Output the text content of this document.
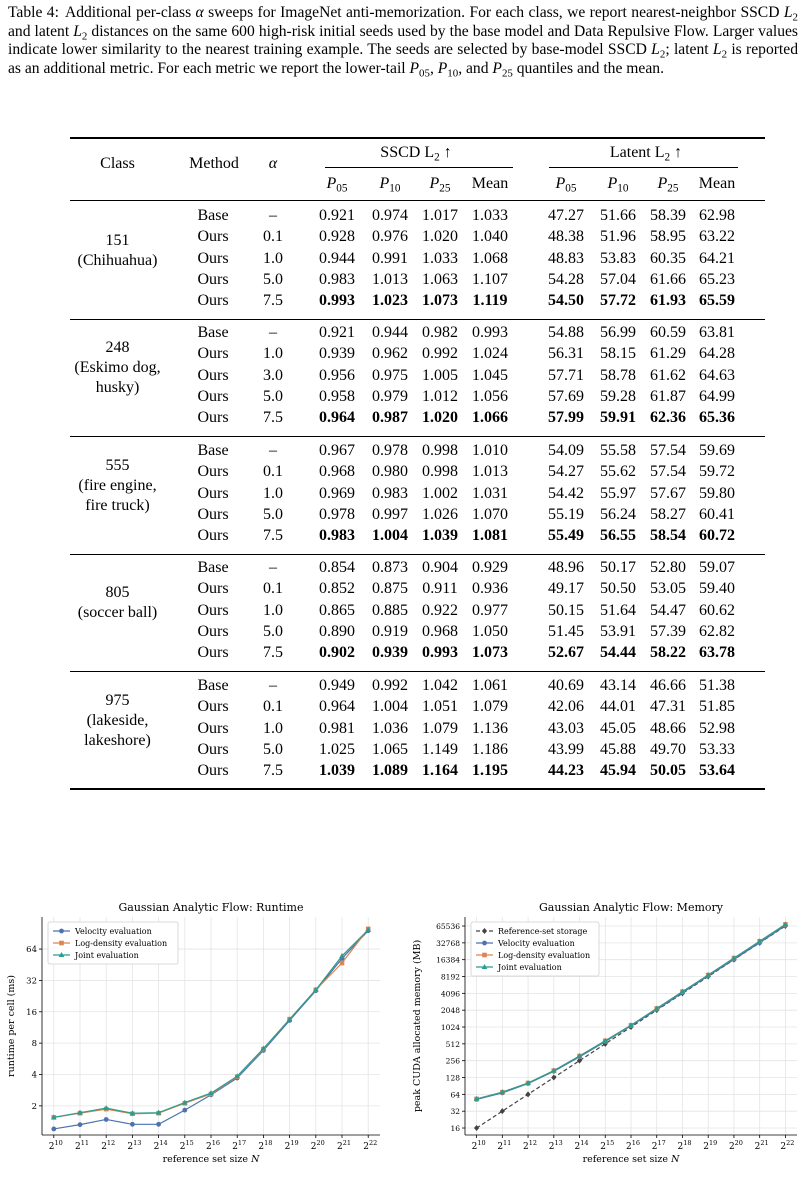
Table 4: Additional per-class α sweeps for ImageNet anti-memorization. For each class, we report nearest-neighbor SSCD $L_2$ and latent $L_2$ distances on the same 600 high-risk initial seeds used by the base model and Data Repulsive Flow. Larger values indicate lower similarity to the nearest training example. The seeds are selected by base-model SSCD $L_2$; latent $L_2$ is reported as an additional metric. For each metric we report the lower-tail $P_{05}$, $P_{10}$, and $P_{25}$ quantiles and the mean.
Class	Method	α
SSCD $L_2$ ↑	Latent $L_2$ ↑
$P_{05}$	$P_{10}$	$P_{25}$	Mean	$P_{05}$	$P_{10}$	$P_{25}$	Mean
151
(Chihuahua)
Base	–	0.921	0.974 1.017 1.033	47.27	51.66 58.39 62.98
Ours	0.1	0.928	0.976 1.020 1.040	48.38	51.96 58.95 63.22
Ours	1.0	0.944	0.991 1.033 1.068	48.83	53.83 60.35 64.21
Ours	5.0	0.983	1.013 1.063 1.107	54.28	57.04 61.66 65.23
Ours	7.5	0.993	1.023 1.073 1.119	54.50	57.72 61.93 65.59
248
(Eskimo dog,
husky)
Base	–	0.921	0.944 0.982 0.993	54.88	56.99 60.59 63.81
Ours	1.0	0.939	0.962 0.992 1.024	56.31	58.15 61.29 64.28
Ours	3.0	0.956	0.975 1.005 1.045	57.71	58.78 61.62 64.63
Ours	5.0	0.958	0.979 1.012 1.056	57.69	59.28 61.87 64.99
Ours	7.5	0.964	0.987 1.020 1.066	57.99	59.91 62.36 65.36
555
(fire engine,
fire truck)
Base	–	0.967	0.978 0.998 1.010	54.09	55.58 57.54 59.69
Ours	0.1	0.968	0.980 0.998 1.013	54.27	55.62 57.54 59.72
Ours	1.0	0.969	0.983 1.002 1.031	54.42	55.97 57.67 59.80
Ours	5.0	0.978	0.997 1.026 1.070	55.19	56.24 58.27 60.41
Ours	7.5	0.983	1.004 1.039 1.081	55.49	56.55 58.54 60.72
805
(soccer ball)
Base	–	0.854	0.873 0.904 0.929	48.96	50.17 52.80 59.07
Ours	0.1	0.852	0.875 0.911 0.936	49.17	50.50 53.05 59.40
Ours	1.0	0.865	0.885 0.922 0.977	50.15	51.64 54.47 60.62
Ours	5.0	0.890	0.919 0.968 1.050	51.45	53.91 57.39 62.82
Ours	7.5	0.902	0.939 0.993 1.073	52.67	54.44 58.22 63.78
975
(lakeside,
lakeshore)
Base	–	0.949	0.992 1.042 1.061	40.69	43.14 46.66 51.38
Ours	0.1	0.964	1.004 1.051 1.079	42.06	44.01 47.31 51.85
Ours	1.0	0.981	1.036 1.079 1.136	43.03	45.05 48.66 52.98
Ours	5.0	1.025	1.065 1.149 1.186	43.99	45.88 49.70 53.33
Ours	7.5	1.039	1.089 1.164 1.195	44.23	45.94 50.05 53.64
Gaussian Analytic Flow: Runtime
$2^{10}$ $2^{11}$ $2^{12}$ $2^{13}$ $2^{14}$ $2^{15}$ $2^{16}$ $2^{17}$ $2^{18}$ $2^{19}$ $2^{20}$ $2^{21}$ $2^{22}$
2
4
8
16
32
64
reference set size N
runtime per cell (ms)
Velocity evaluation
Log-density evaluation
Joint evaluation
Gaussian Analytic Flow: Memory
$2^{10}$ $2^{11}$ $2^{12}$ $2^{13}$ $2^{14}$ $2^{15}$ $2^{16}$ $2^{17}$ $2^{18}$ $2^{19}$ $2^{20}$ $2^{21}$ $2^{22}$
16
32
64
128
256
512
1024
2048
4096
8192
16384
32768
65536
reference set size N
peak CUDA allocated memory (MB)
Reference-set storage
Velocity evaluation
Log-density evaluation
Joint evaluation
